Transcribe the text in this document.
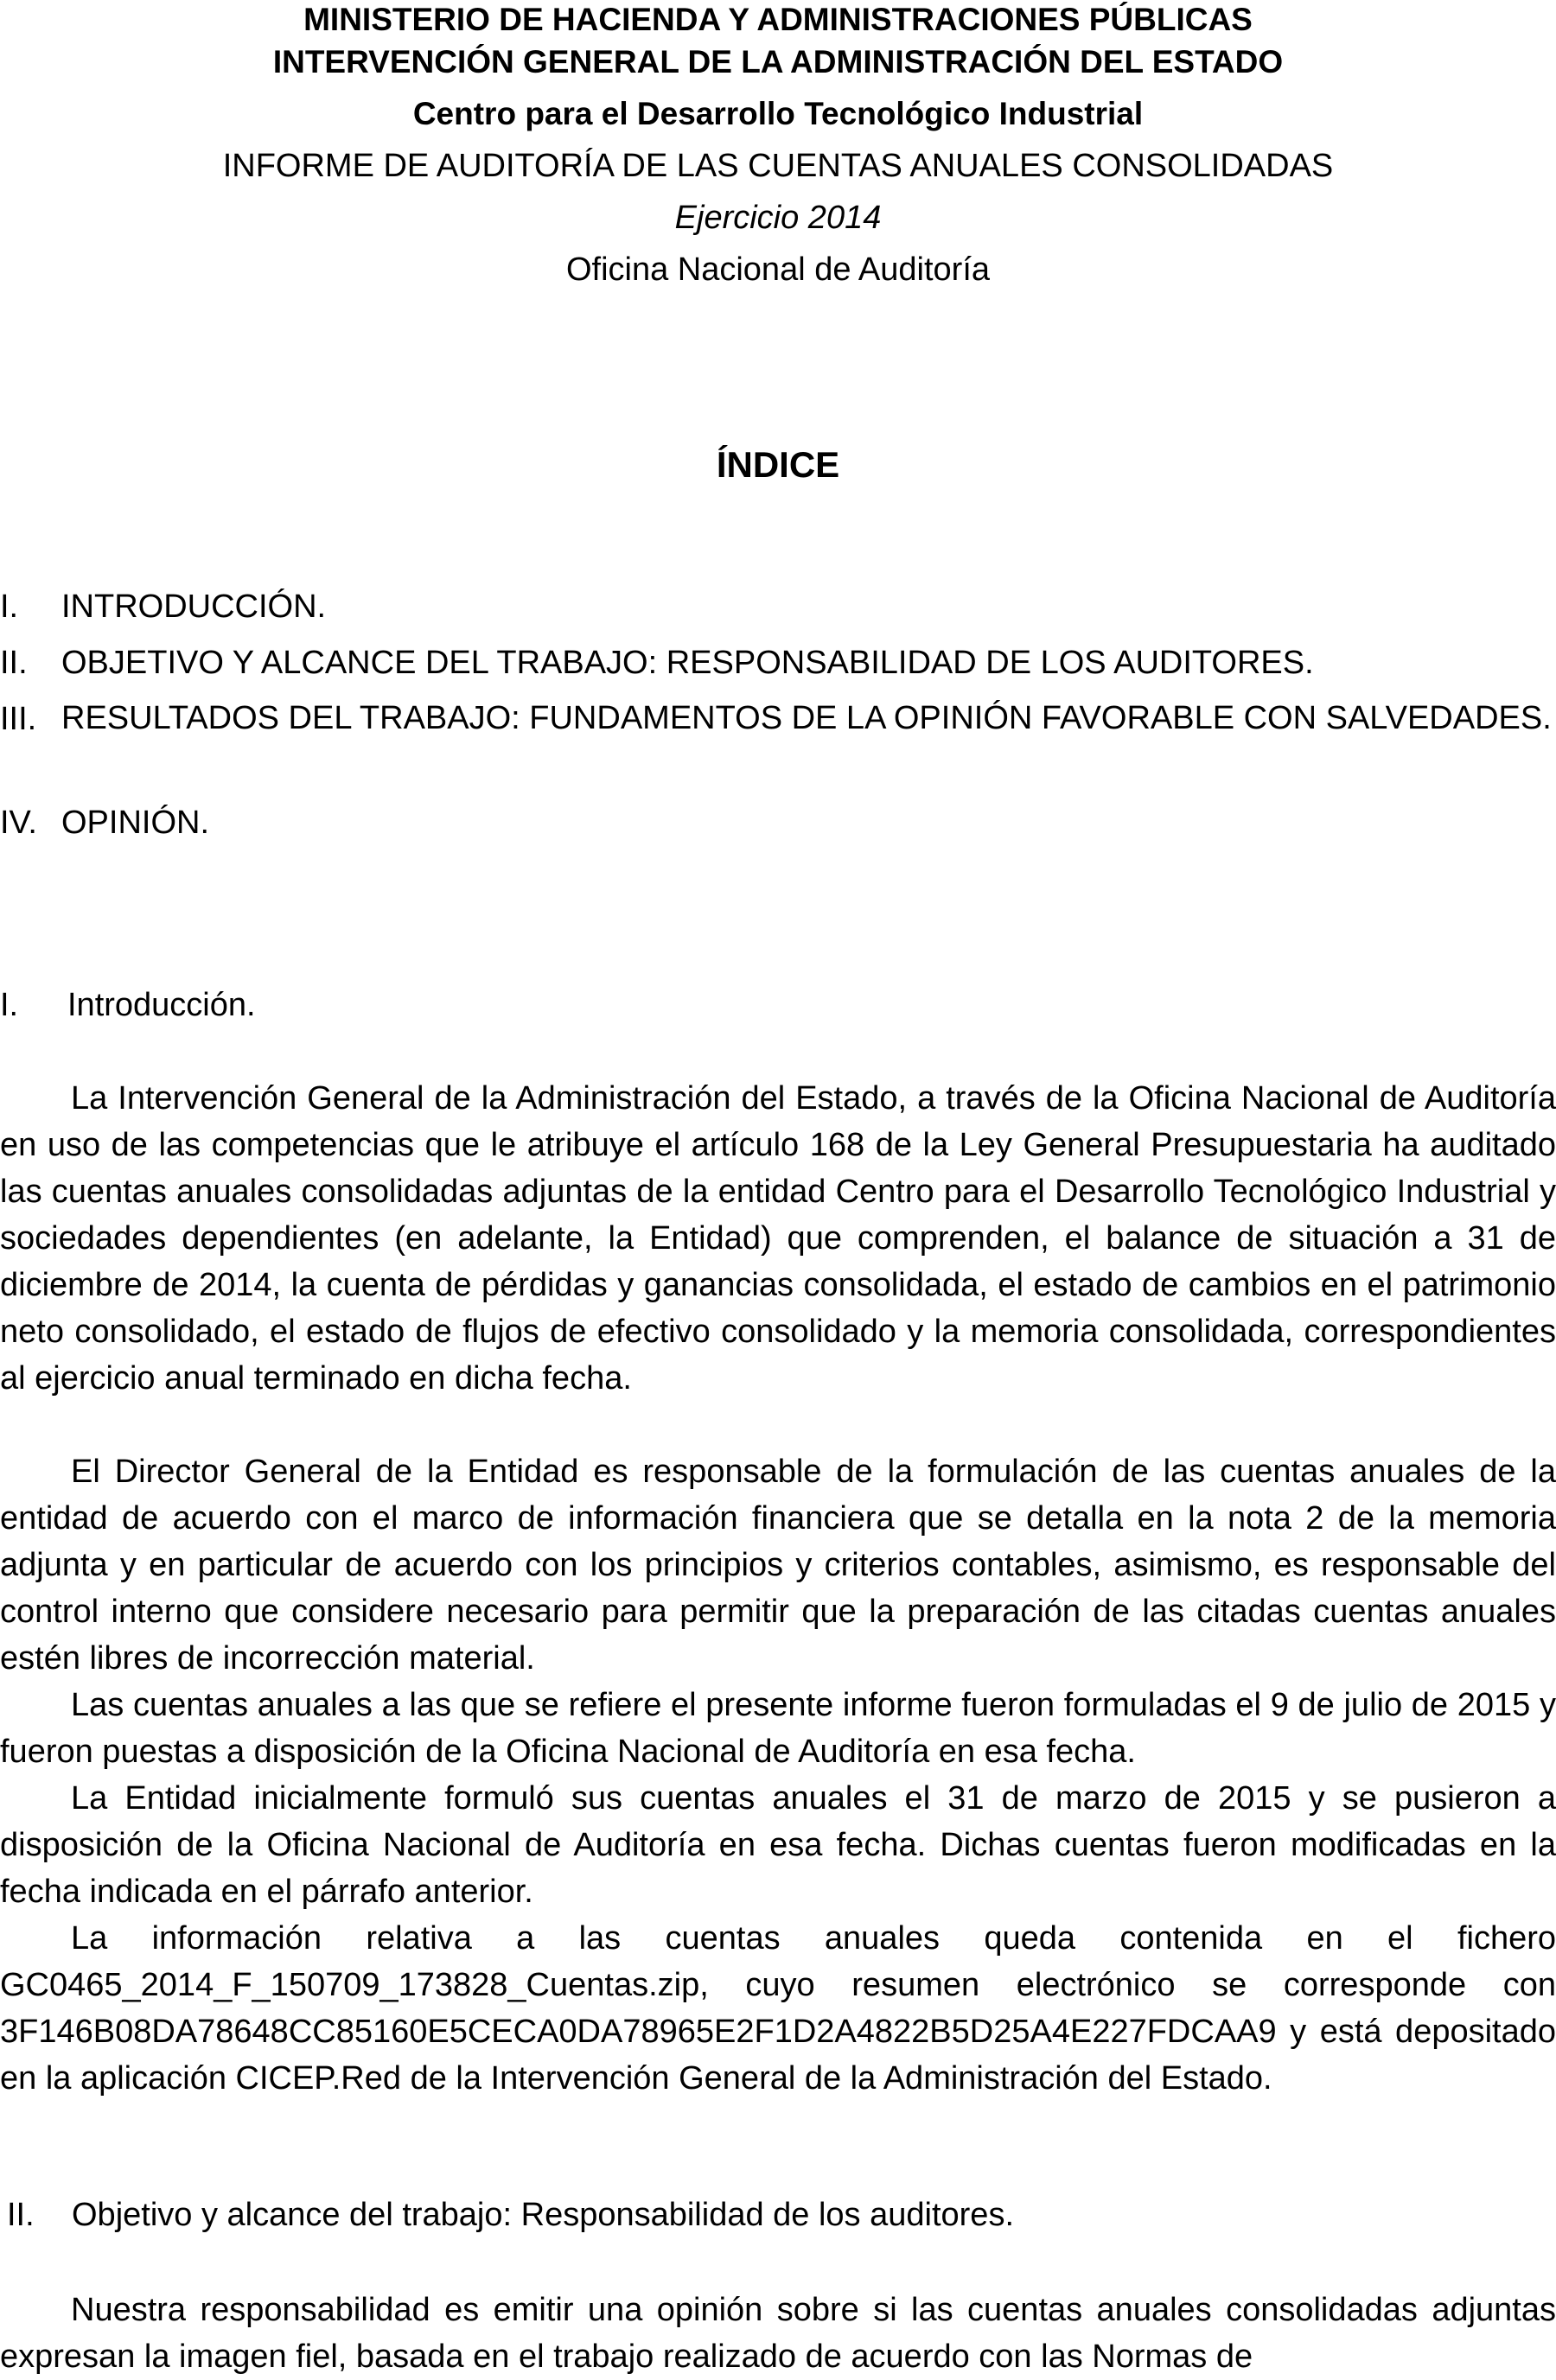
MINISTERIO DE HACIENDA Y ADMINISTRACIONES PÚBLICAS
INTERVENCIÓN GENERAL DE LA ADMINISTRACIÓN DEL ESTADO
Centro para el Desarrollo Tecnológico Industrial
INFORME DE AUDITORÍA DE LAS CUENTAS ANUALES CONSOLIDADAS
Ejercicio 2014
Oficina Nacional de Auditoría
ÍNDICE
I. INTRODUCCIÓN.
II. OBJETIVO Y ALCANCE DEL TRABAJO: RESPONSABILIDAD DE LOS AUDITORES.
III. RESULTADOS DEL TRABAJO: FUNDAMENTOS DE LA OPINIÓN FAVORABLE CON SALVEDADES.
IV. OPINIÓN.
I. Introducción.

La Intervención General de la Administración del Estado, a través de la Oficina Nacional de Auditoría en uso de las competencias que le atribuye el artículo 168 de la Ley General Presupuestaria ha auditado las cuentas anuales consolidadas adjuntas de la entidad Centro para el Desarrollo Tecnológico Industrial y sociedades dependientes (en adelante, la Entidad) que comprenden, el balance de situación a 31 de diciembre de 2014, la cuenta de pérdidas y ganancias consolidada, el estado de cambios en el patrimonio neto consolidado, el estado de flujos de efectivo consolidado y la memoria consolidada, correspondientes al ejercicio anual terminado en dicha fecha.

El Director General de la Entidad es responsable de la formulación de las cuentas anuales de la entidad de acuerdo con el marco de información financiera que se detalla en la nota 2 de la memoria adjunta y en particular de acuerdo con los principios y criterios contables, asimismo, es responsable del control interno que considere necesario para permitir que la preparación de las citadas cuentas anuales estén libres de incorrección material.

Las cuentas anuales a las que se refiere el presente informe fueron formuladas el 9 de julio de 2015 y fueron puestas a disposición de la Oficina Nacional de Auditoría en esa fecha.

La Entidad inicialmente formuló sus cuentas anuales el 31 de marzo de 2015 y se pusieron a disposición de la Oficina Nacional de Auditoría en esa fecha. Dichas cuentas fueron modificadas en la fecha indicada en el párrafo anterior.

La información relativa a las cuentas anuales queda contenida en el fichero GC0465_2014_F_150709_173828_Cuentas.zip, cuyo resumen electrónico se corresponde con 3F146B08DA78648CC85160E5CECA0DA78965E2F1D2A4822B5D25A4E227FDCAA9 y está depositado en la aplicación CICEP.Red de la Intervención General de la Administración del Estado.

II. Objetivo y alcance del trabajo: Responsabilidad de los auditores.

Nuestra responsabilidad es emitir una opinión sobre si las cuentas anuales consolidadas adjuntas expresan la imagen fiel, basada en el trabajo realizado de acuerdo con las Normas de
